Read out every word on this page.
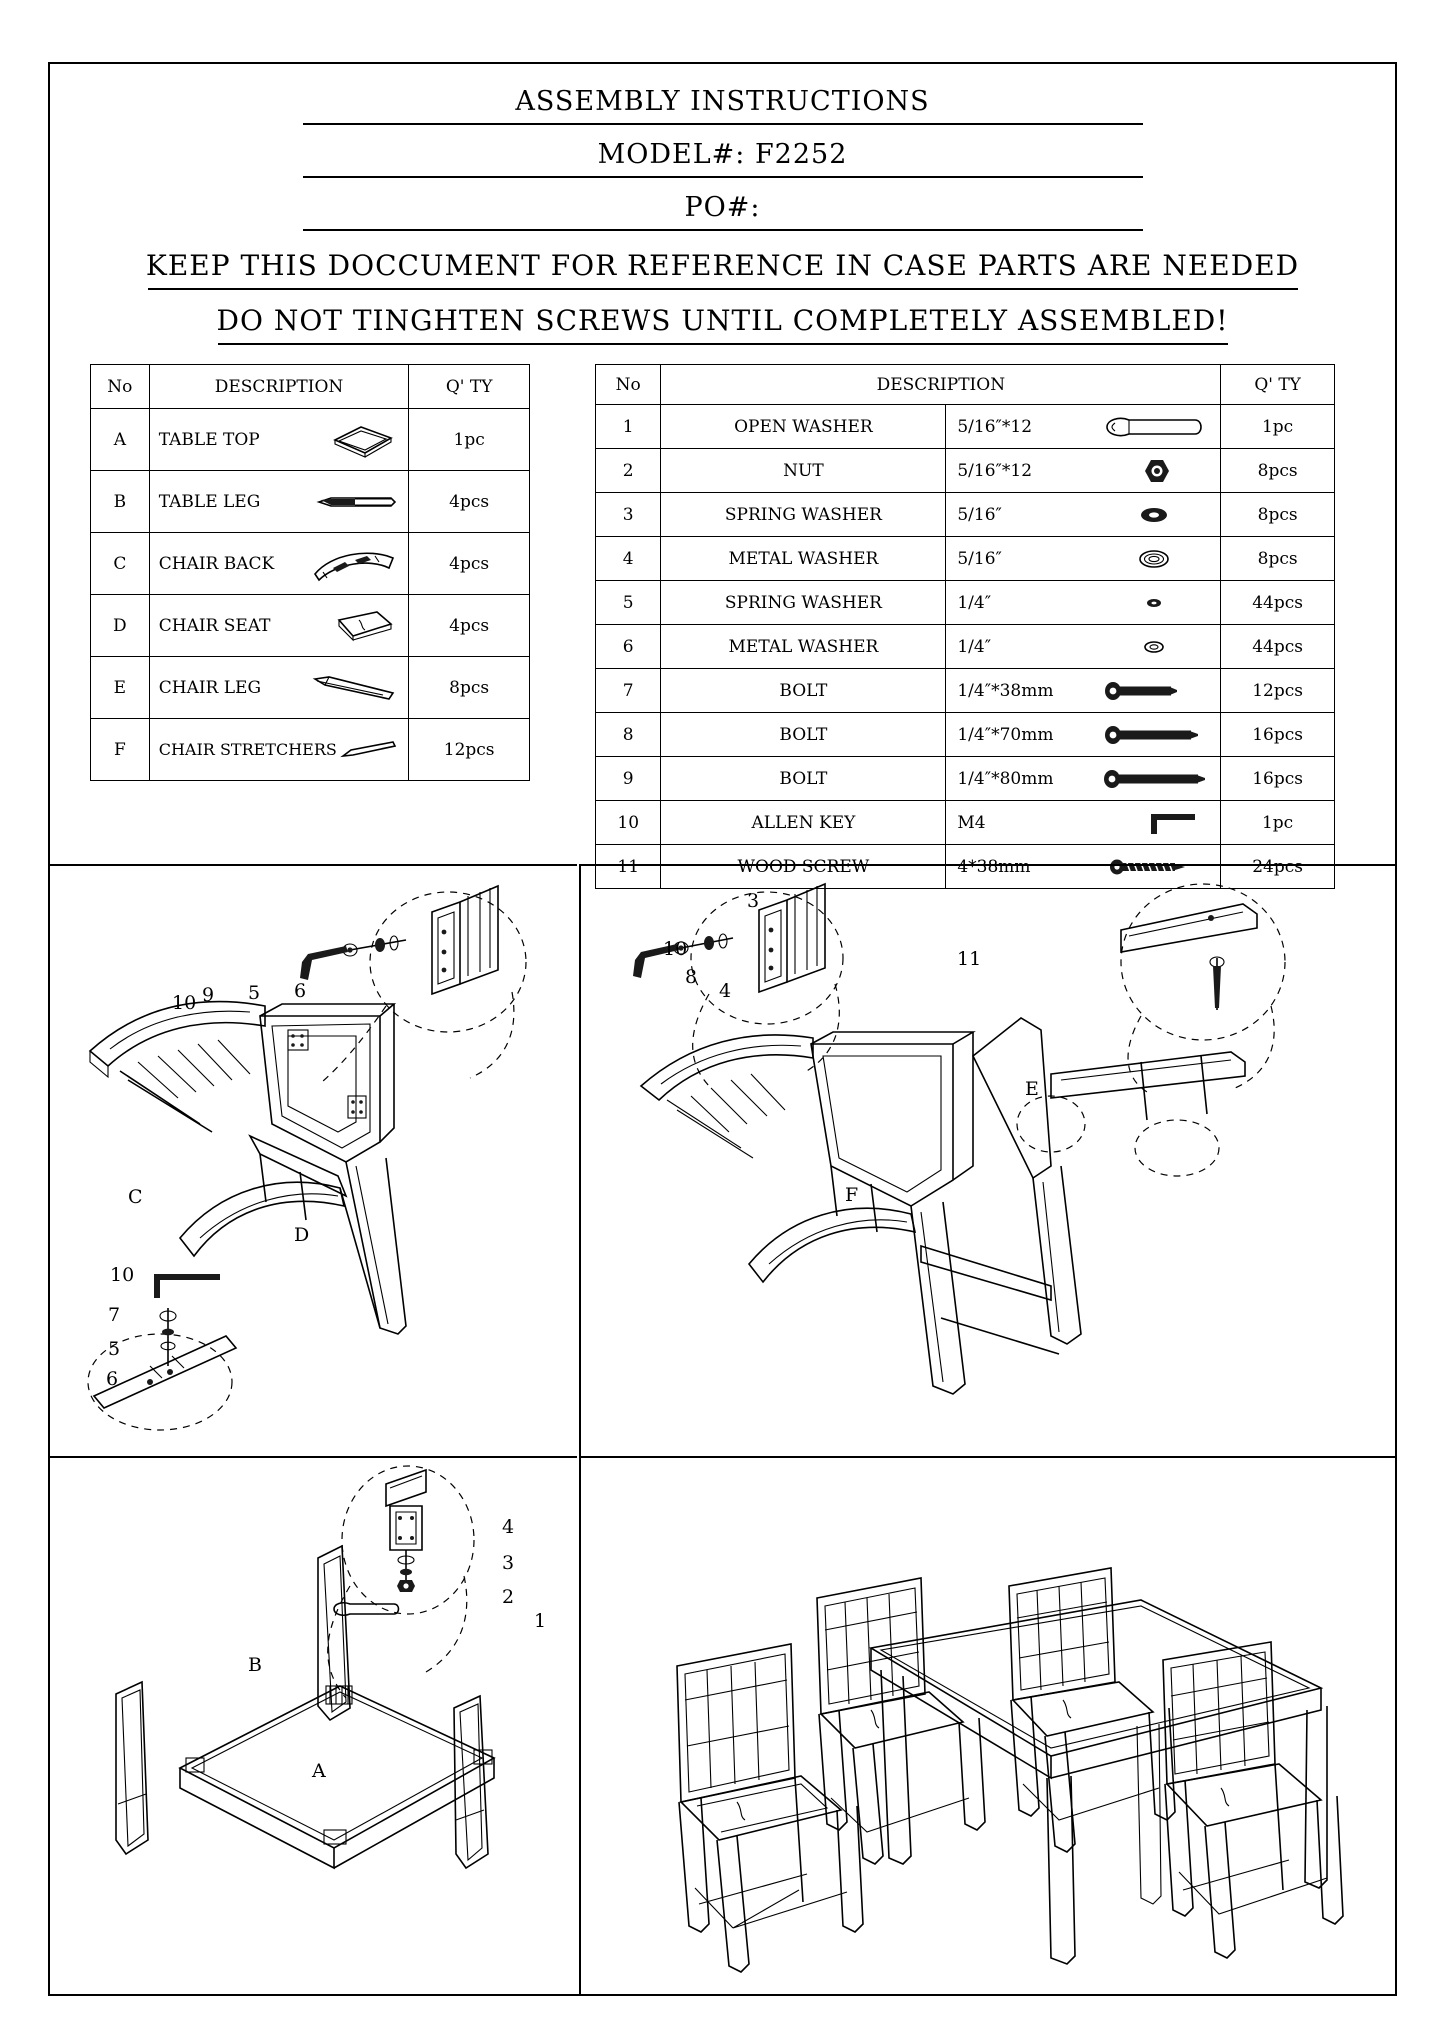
ASSEMBLY INSTRUCTIONS
MODEL#: F2252
PO#:
KEEP THIS DOCCUMENT FOR REFERENCE IN CASE PARTS ARE NEEDED
DO NOT TINGHTEN SCREWS UNTIL COMPLETELY ASSEMBLED!
No	DESCRIPTION	Q' TY
A	TABLE TOP	1pc
B	TABLE LEG	4pcs
C	CHAIR BACK	4pcs
D	CHAIR SEAT	4pcs
E	CHAIR LEG	8pcs
F	CHAIR STRETCHERS	12pcs
No	DESCRIPTION		Q' TY
1	OPEN WASHER	5/16″*12	1pc
2	NUT	5/16″*12	8pcs
3	SPRING WASHER	5/16″	8pcs
4	METAL WASHER	5/16″	8pcs
5	SPRING WASHER	1/4″	44pcs
6	METAL WASHER	1/4″	44pcs
7	BOLT	1/4″*38mm	12pcs
8	BOLT	1/4″*70mm	16pcs
9	BOLT	1/4″*80mm	16pcs
10	ALLEN KEY	M4	1pc
11	WOOD SCREW	4*38mm	24pcs
10 9 5 6
C
D
10
7
5
6
3
10
8
4
11
E
F
4
3
2
1
B
A
